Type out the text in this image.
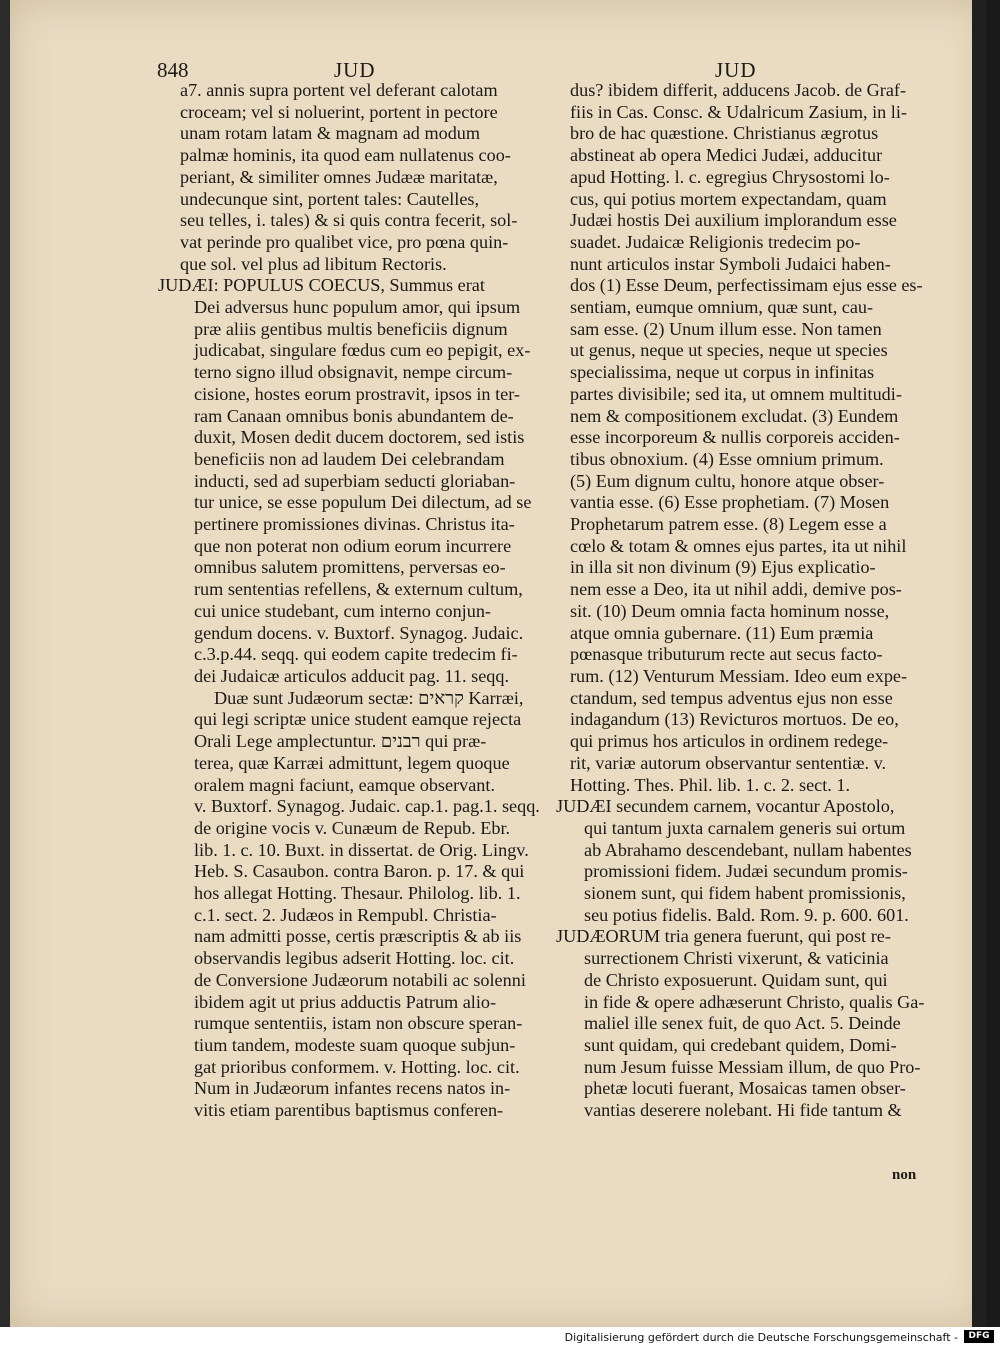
848	JUD	JUD

a7. annis supra portent vel deferant calotam

croceam; vel si noluerint, portent in pectore

unam rotam latam & magnam ad modum

palmæ hominis, ita quod eam nullatenus coo-

periant, & similiter omnes Judææ maritatæ,

undecunque sint, portent tales: Cautelles,

seu telles, i. tales) & si quis contra fecerit, sol-

vat perinde pro qualibet vice, pro pœna quin-

que sol. vel plus ad libitum Rectoris.

JUDÆI: POPULUS COECUS, Summus erat

Dei adversus hunc populum amor, qui ipsum

præ aliis gentibus multis beneficiis dignum

judicabat, singulare fœdus cum eo pepigit, ex-

terno signo illud obsignavit, nempe circum-

cisione, hostes eorum prostravit, ipsos in ter-

ram Canaan omnibus bonis abundantem de-

duxit, Mosen dedit ducem doctorem, sed istis

beneficiis non ad laudem Dei celebrandam

inducti, sed ad superbiam seducti gloriaban-

tur unice, se esse populum Dei dilectum, ad se

pertinere promissiones divinas. Christus ita-

que non poterat non odium eorum incurrere

omnibus salutem promittens, perversas eo-

rum sententias refellens, & externum cultum,

cui unice studebant, cum interno conjun-

gendum docens. v. Buxtorf. Synagog. Judaic.

c.3.p.44. seqq. qui eodem capite tredecim fi-

dei Judaicæ articulos adducit pag. 11. seqq.

Duæ sunt Judæorum sectæ: קראים Karræi,

qui legi scriptæ unice student eamque rejecta

Orali Lege amplectuntur. רבנים qui præ-

terea, quæ Karræi admittunt, legem quoque

oralem magni faciunt, eamque observant.

v. Buxtorf. Synagog. Judaic. cap.1. pag.1. seqq.

de origine vocis v. Cunæum de Repub. Ebr.

lib. 1. c. 10. Buxt. in dissertat. de Orig. Lingv.

Heb. S. Casaubon. contra Baron. p. 17. & qui

hos allegat Hotting. Thesaur. Philolog. lib. 1.

c.1. sect. 2. Judæos in Rempubl. Christia-

nam admitti posse, certis præscriptis & ab iis

observandis legibus adserit Hotting. loc. cit.

de Conversione Judæorum notabili ac solenni

ibidem agit ut prius adductis Patrum alio-

rumque sententiis, istam non obscure speran-

tium tandem, modeste suam quoque subjun-

gat prioribus conformem. v. Hotting. loc. cit.

Num in Judæorum infantes recens natos in-

vitis etiam parentibus baptismus conferen-

dus? ibidem differit, adducens Jacob. de Graf-

fiis in Cas. Consc. & Udalricum Zasium, in li-

bro de hac quæstione. Christianus ægrotus

abstineat ab opera Medici Judæi, adducitur

apud Hotting. l. c. egregius Chrysostomi lo-

cus, qui potius mortem expectandam, quam

Judæi hostis Dei auxilium implorandum esse

suadet. Judaicæ Religionis tredecim po-

nunt articulos instar Symboli Judaici haben-

dos (1) Esse Deum, perfectissimam ejus esse es-

sentiam, eumque omnium, quæ sunt, cau-

sam esse. (2) Unum illum esse. Non tamen

ut genus, neque ut species, neque ut species

specialissima, neque ut corpus in infinitas

partes divisibile; sed ita, ut omnem multitudi-

nem & compositionem excludat. (3) Eundem

esse incorporeum & nullis corporeis acciden-

tibus obnoxium. (4) Esse omnium primum.

(5) Eum dignum cultu, honore atque obser-

vantia esse. (6) Esse prophetiam. (7) Mosen

Prophetarum patrem esse. (8) Legem esse a

cœlo & totam & omnes ejus partes, ita ut nihil

in illa sit non divinum (9) Ejus explicatio-

nem esse a Deo, ita ut nihil addi, demive pos-

sit. (10) Deum omnia facta hominum nosse,

atque omnia gubernare. (11) Eum præmia

pœnasque tributurum recte aut secus facto-

rum. (12) Venturum Messiam. Ideo eum expe-

ctandum, sed tempus adventus ejus non esse

indagandum (13) Revicturos mortuos. De eo,

qui primus hos articulos in ordinem redege-

rit, variæ autorum observantur sententiæ. v.

Hotting. Thes. Phil. lib. 1. c. 2. sect. 1.

JUDÆI secundem carnem, vocantur Apostolo,

qui tantum juxta carnalem generis sui ortum

ab Abrahamo descendebant, nullam habentes

promissioni fidem. Judæi secundum promis-

sionem sunt, qui fidem habent promissionis,

seu potius fidelis. Bald. Rom. 9. p. 600. 601.

JUDÆORUM tria genera fuerunt, qui post re-

surrectionem Christi vixerunt, & vaticinia

de Christo exposuerunt. Quidam sunt, qui

in fide & opere adhæserunt Christo, qualis Ga-

maliel ille senex fuit, de quo Act. 5. Deinde

sunt quidam, qui credebant quidem, Domi-

num Jesum fuisse Messiam illum, de quo Pro-

phetæ locuti fuerant, Mosaicas tamen obser-

vantias deserere nolebant. Hi fide tantum &

non
Digitalisierung gefördert durch die Deutsche Forschungsgemeinschaft -	DFG
